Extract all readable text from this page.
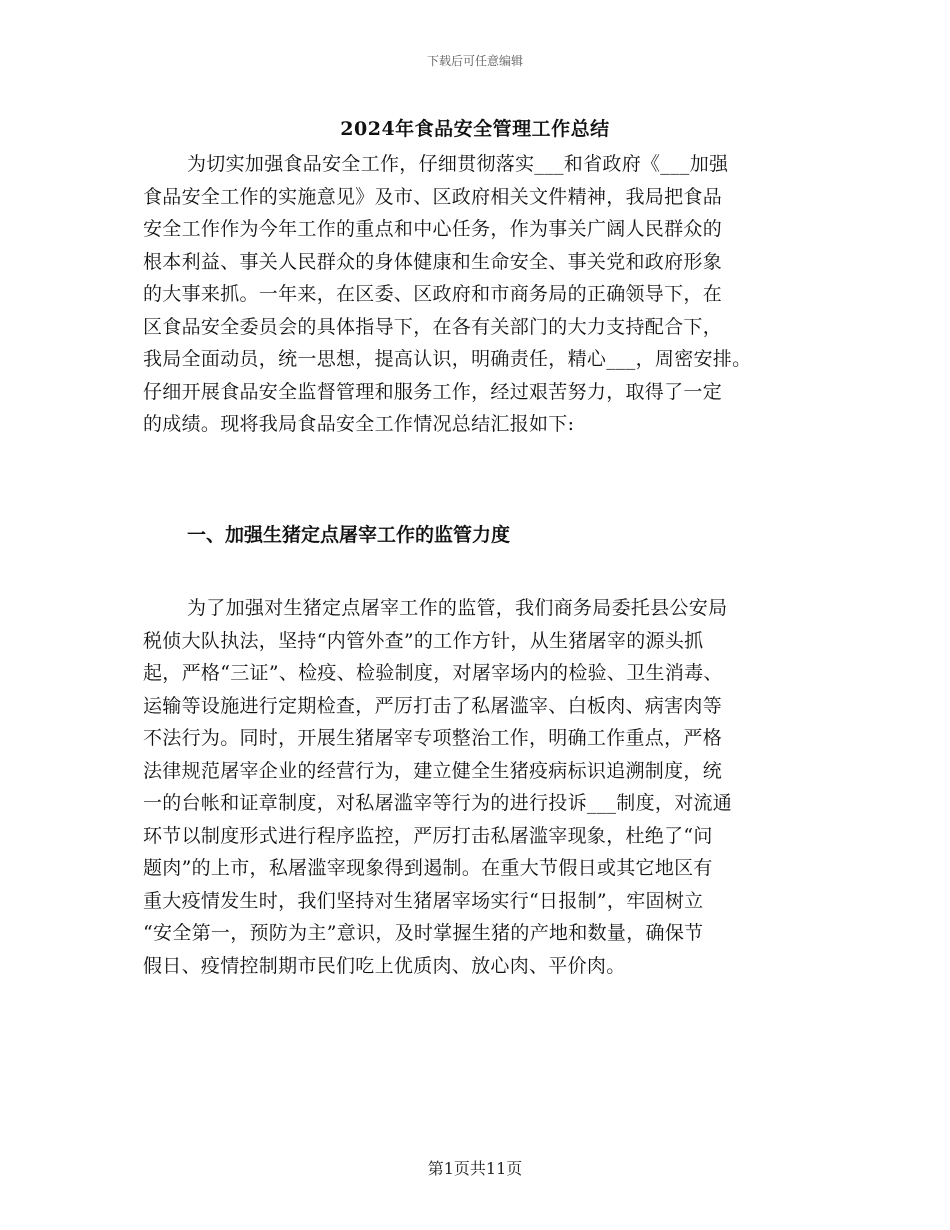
下载后可任意编辑
2024年食品安全管理工作总结
为切实加强食品安全工作，仔细贯彻落实___和省政府《___加强
食品安全工作的实施意见》及市、区政府相关文件精神，我局把食品
安全工作作为今年工作的重点和中心任务，作为事关广阔人民群众的
根本利益、事关人民群众的身体健康和生命安全、事关党和政府形象
的大事来抓。一年来，在区委、区政府和市商务局的正确领导下，在
区食品安全委员会的具体指导下，在各有关部门的大力支持配合下，
我局全面动员，统一思想，提高认识，明确责任，精心___，周密安排。
仔细开展食品安全监督管理和服务工作，经过艰苦努力，取得了一定
的成绩。现将我局食品安全工作情况总结汇报如下:
一、加强生猪定点屠宰工作的监管力度
为了加强对生猪定点屠宰工作的监管，我们商务局委托县公安局
税侦大队执法，坚持“内管外查”的工作方针，从生猪屠宰的源头抓
起，严格“三证”、检疫、检验制度，对屠宰场内的检验、卫生消毒、
运输等设施进行定期检查，严厉打击了私屠滥宰、白板肉、病害肉等
不法行为。同时，开展生猪屠宰专项整治工作，明确工作重点，严格
法律规范屠宰企业的经营行为，建立健全生猪疫病标识追溯制度，统
一的台帐和证章制度，对私屠滥宰等行为的进行投诉___制度，对流通
环节以制度形式进行程序监控，严厉打击私屠滥宰现象，杜绝了“问
题肉”的上市，私屠滥宰现象得到遏制。在重大节假日或其它地区有
重大疫情发生时，我们坚持对生猪屠宰场实行“日报制”，牢固树立
“安全第一，预防为主”意识，及时掌握生猪的产地和数量，确保节
假日、疫情控制期市民们吃上优质肉、放心肉、平价肉。
第1页共11页
